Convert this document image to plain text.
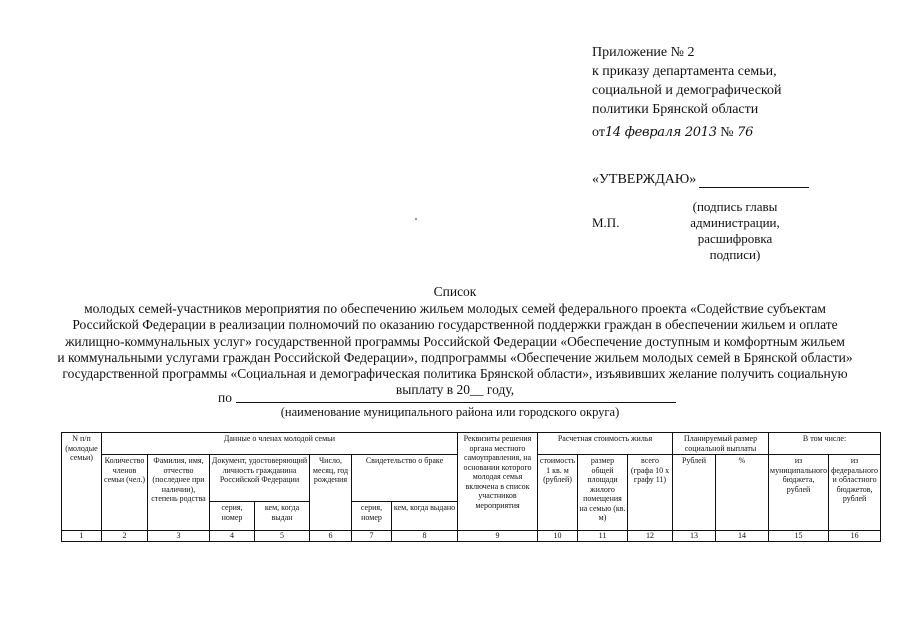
Приложение № 2
к приказу департамента семьи,
социальной и демографической
политики Брянской области
от14 февраля 2013 № 76
«УТВЕРЖДАЮ»
М.П.
(подпись главы
администрации,
расшифровка
подписи)
Список
молодых семей-участников мероприятия по обеспечению жильем молодых семей федерального проекта «Содействие субъектам
Российской Федерации в реализации полномочий по оказанию государственной поддержки граждан в обеспечении жильем и оплате
жилищно-коммунальных услуг» государственной программы Российской Федерации «Обеспечение доступным и комфортным жильем
и коммунальными услугами граждан Российской Федерации», подпрограммы «Обеспечение жильем молодых семей в Брянской области»
государственной программы «Социальная и демографическая политика Брянской области», изъявивших желание получить социальную
выплату в 20__ году,
по
(наименование муниципального района или городского округа)
N п/п (молодые семьи)	Данные о членах молодой семьи							Реквизиты решения органа местного самоуправления, на основании которого молодая семья включена в список участников мероприятия	Расчетная стоимость жилья			Планируемый размер социальной выплаты		В том числе:	
	Количество членов семьи (чел.)	Фамилия, имя, отчество (последнее при наличии), степень родства	Документ, удостоверяющий личность гражданина Российской Федерации		Число, месяц, год рождения	Свидетельство о браке			стоимость 1 кв. м (рублей)	размер общей площади жилого помещения на семью (кв. м)	всего (графа 10 x графу 11)	Рублей	%	из муниципального бюджета, рублей	из федерального и областного бюджетов, рублей
			серия, номер	кем, когда выдан		серия, номер	кем, когда выдано								
1	2	3	4	5	6	7	8	9	10	11	12	13	14	15	16
